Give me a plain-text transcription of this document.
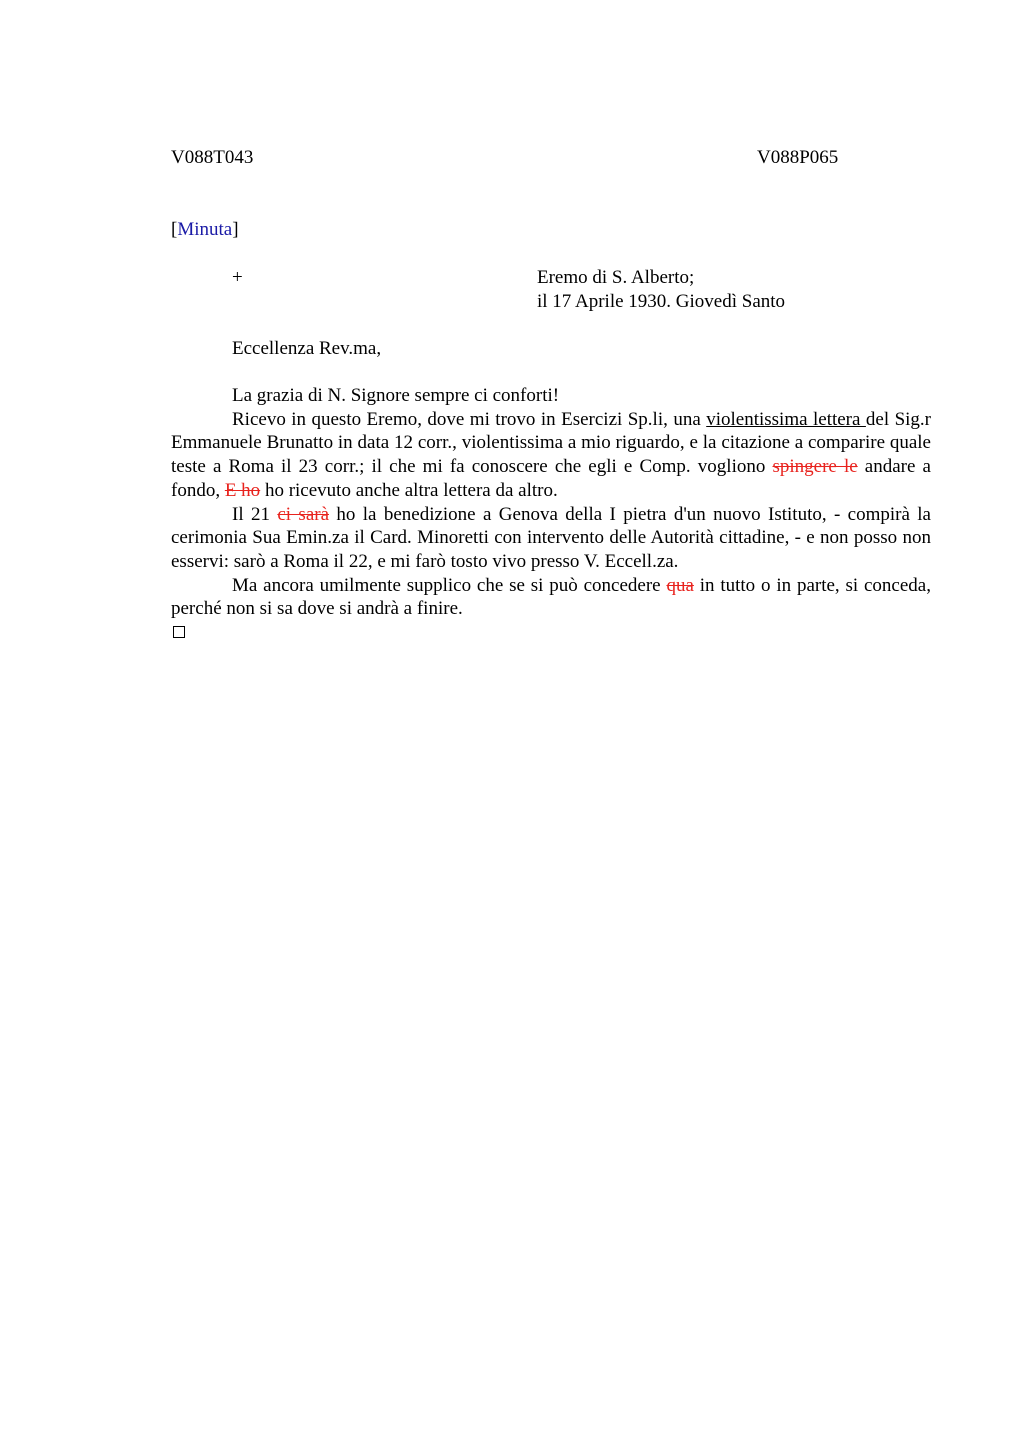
V088T043	V088P065
[Minuta]
+	Eremo di S. Alberto;
il 17 Aprile 1930. Giovedì Santo
Eccellenza Rev.ma,

La grazia di N. Signore sempre ci conforti!

Ricevo in questo Eremo, dove mi trovo in Esercizi Sp.li, una violentissima lettera del Sig.r Emmanuele Brunatto in data 12 corr., violentissima a mio riguardo, e la citazione a comparire quale teste a Roma il 23 corr.; il che mi fa conoscere che egli e Comp. vogliono spingere le andare a fondo, E ho ho ricevuto anche altra lettera da altro.

Il 21 ci sarà ho la benedizione a Genova della I pietra d'un nuovo Istituto, - compirà la cerimonia Sua Emin.za il Card. Minoretti con intervento delle Autorità cittadine, - e non posso non esservi: sarò a Roma il 22, e mi farò tosto vivo presso V. Eccell.za.

Ma ancora umilmente supplico che se si può concedere qua in tutto o in parte, si conceda, perché non si sa dove si andrà a finire.
